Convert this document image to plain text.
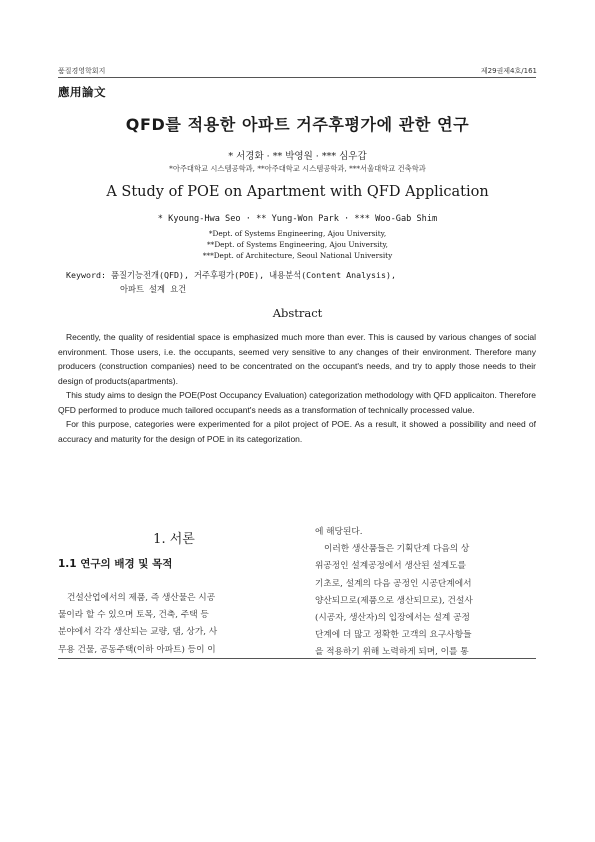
품질경영학회지	제29권제4호/161
應用論文
QFD를 적용한 아파트 거주후평가에 관한 연구
* 서경화 · ** 박영원 · *** 심우갑
*아주대학교 시스템공학과, **아주대학교 시스템공학과, ***서울대학교 건축학과
A Study of POE on Apartment with QFD Application
* Kyoung-Hwa Seo · ** Yung-Won Park · *** Woo-Gab Shim
*Dept. of Systems Engineering, Ajou University,
**Dept. of Systems Engineering, Ajou University,
***Dept. of Architecture, Seoul National University
Keyword: 품질기능전개(QFD), 거주후평가(POE), 내용분석(Content Analysis),
아파트 설계 요건
Abstract

Recently, the quality of residential space is emphasized much more than ever. This is caused by various changes of social environment. Those users, i.e. the occupants, seemed very sensitive to any changes of their environment. Therefore many producers (construction companies) need to be concentrated on the occupant's needs, and try to apply those needs to their design of products(apartments).

This study aims to design the POE(Post Occupancy Evaluation) categorization methodology with QFD applicaiton. Therefore QFD performed to produce much tailored occupant's needs as a transformation of technically processed value.

For this purpose, categories were experimented for a pilot project of POE. As a result, it showed a possibility and need of accuracy and maturity for the design of POE in its categorization.

1. 서론
1.1 연구의 배경 및 목적
건설산업에서의 제품, 즉 생산물은 시공
물이라 할 수 있으며 토목, 건축, 주택 등
분야에서 각각 생산되는 교량, 댐, 상가, 사
무용 건물, 공동주택(이하 아파트) 등이 이
에 해당된다.
이러한 생산품들은 기획단계 다음의 상
위공정인 설계공정에서 생산된 설계도를
기초로, 설계의 다음 공정인 시공단계에서
양산되므로(제품으로 생산되므로), 건설사
(시공자, 생산자)의 입장에서는 설계 공정
단계에 더 많고 정확한 고객의 요구사항들
을 적용하기 위해 노력하게 되며, 이를 통
